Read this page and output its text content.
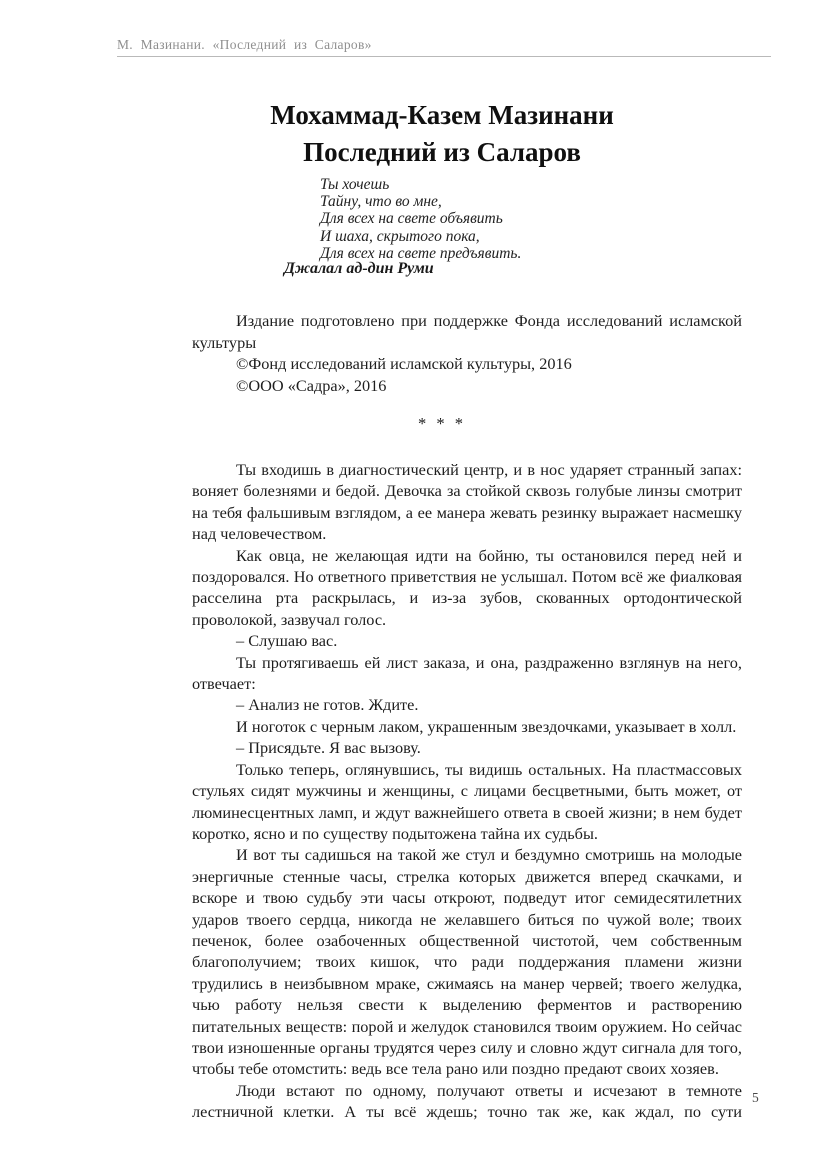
М. Мазинани. «Последний из Саларов»
Мохаммад-Казем Мазинани
Последний из Саларов
Ты хочешь
Тайну, что во мне,
Для всех на свете объявить
И шаха, скрытого пока,
Для всех на свете предъявить.
Джалал ад-дин Руми

Издание подготовлено при поддержке Фонда исследований исламской культуры

©Фонд исследований исламской культуры, 2016

©ООО «Садра», 2016

* * *

Ты входишь в диагностический центр, и в нос ударяет странный запах: воняет болезнями и бедой. Девочка за стойкой сквозь голубые линзы смотрит на тебя фальшивым взглядом, а ее манера жевать резинку выражает насмешку над человечеством.

Как овца, не желающая идти на бойню, ты остановился перед ней и поздоровался. Но ответного приветствия не услышал. Потом всё же фиалковая расселина рта раскрылась, и из-за зубов, скованных ортодонтической проволокой, зазвучал голос.

– Слушаю вас.

Ты протягиваешь ей лист заказа, и она, раздраженно взглянув на него, отвечает:

– Анализ не готов. Ждите.

И ноготок с черным лаком, украшенным звездочками, указывает в холл.

– Присядьте. Я вас вызову.

Только теперь, оглянувшись, ты видишь остальных. На пластмассовых стульях сидят мужчины и женщины, с лицами бесцветными, быть может, от люминесцентных ламп, и ждут важнейшего ответа в своей жизни; в нем будет коротко, ясно и по существу подытожена тайна их судьбы.

И вот ты садишься на такой же стул и бездумно смотришь на молодые энергичные стенные часы, стрелка которых движется вперед скачками, и вскоре и твою судьбу эти часы откроют, подведут итог семидесятилетних ударов твоего сердца, никогда не желавшего биться по чужой воле; твоих печенок, более озабоченных общественной чистотой, чем собственным благополучием; твоих кишок, что ради поддержания пламени жизни трудились в неизбывном мраке, сжимаясь на манер червей; твоего желудка, чью работу нельзя свести к выделению ферментов и растворению питательных веществ: порой и желудок становился твоим оружием. Но сейчас твои изношенные органы трудятся через силу и словно ждут сигнала для того, чтобы тебе отомстить: ведь все тела рано или поздно предают своих хозяев.

Люди встают по одному, получают ответы и исчезают в темноте лестничной клетки. А ты всё ждешь; точно так же, как ждал, по сути

5
